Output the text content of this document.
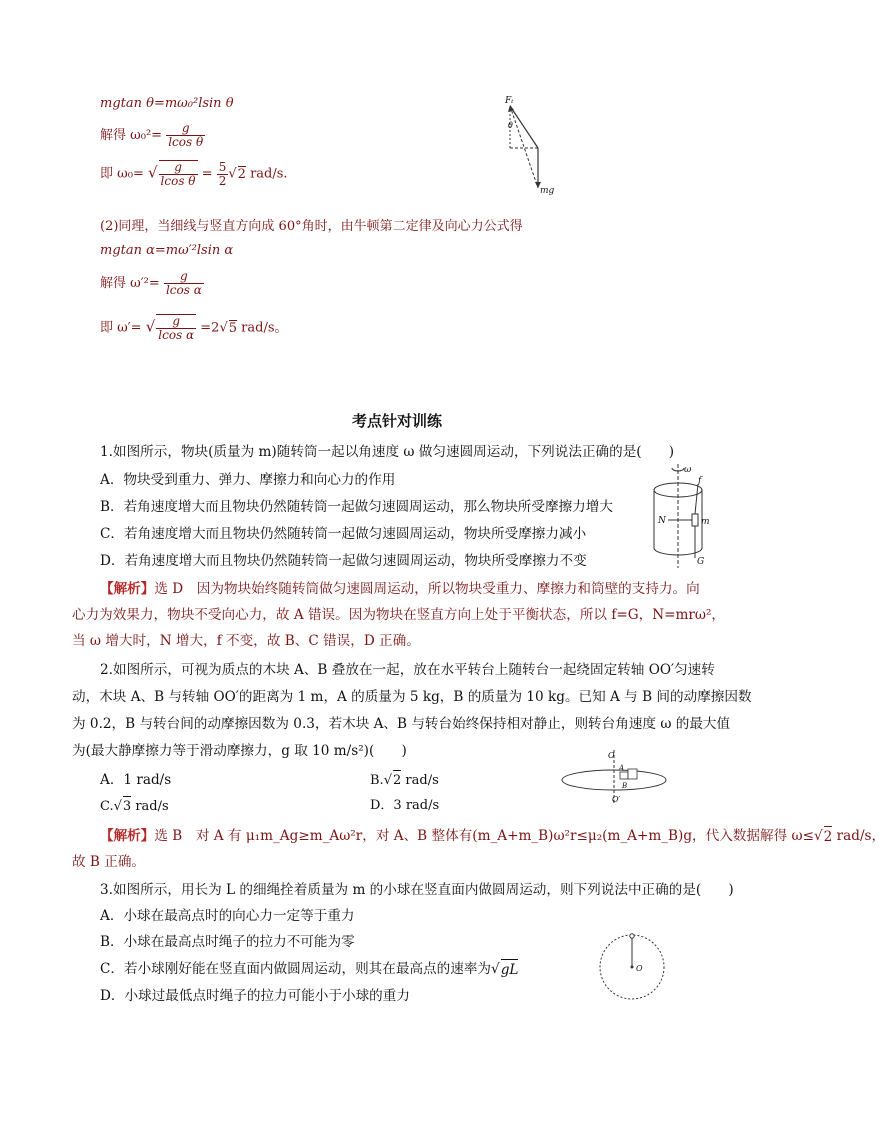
mgtan θ=mω₀²lsin θ
解得 $\omega_0^2= \frac{g}{\text{lcos θ}}$
即 ω₀= √ $\frac{g}{\text{lcos θ}} = \frac{5}{2} √2$ rad/s.
(2)同理，当细线与竖直方向成 60°角时，由牛顿第二定律及向心力公式得
mgtan α=mω′²lsin α
解得 $\omega'^2= \frac{g}{\text{lcos α}}$
即 ω′= √ $\frac{g}{\text{lcos α}} =2√5$ rad/s。
Fₜ
θ
mg
考点针对训练
1.如图所示，物块(质量为 m)随转筒一起以角速度 ω 做匀速圆周运动，下列说法正确的是(　　)
A．物块受到重力、弹力、摩擦力和向心力的作用
B．若角速度增大而且物块仍然随转筒一起做匀速圆周运动，那么物块所受摩擦力增大
C．若角速度增大而且物块仍然随转筒一起做匀速圆周运动，物块所受摩擦力减小
D．若角速度增大而且物块仍然随转筒一起做匀速圆周运动，物块所受摩擦力不变
【解析】选 D　因为物块始终随转筒做匀速圆周运动，所以物块受重力、摩擦力和筒壁的支持力。向
心力为效果力，物块不受向心力，故 A 错误。因为物块在竖直方向上处于平衡状态，所以 f=G，N=mrω²，
当 ω 增大时，N 增大，f 不变，故 B、C 错误，D 正确。
ω
f
N	m
G
2.如图所示，可视为质点的木块 A、B 叠放在一起，放在水平转台上随转台一起绕固定转轴 OO′匀速转
动，木块 A、B 与转轴 OO′的距离为 1 m，A 的质量为 5 kg，B 的质量为 10 kg。已知 A 与 B 间的动摩擦因数
为 0.2，B 与转台间的动摩擦因数为 0.3，若木块 A、B 与转台始终保持相对静止，则转台角速度 ω 的最大值
为(最大静摩擦力等于滑动摩擦力，g 取 10 m/s²)(　　)
A．1 rad/s	B.√2 rad/s
C.√3 rad/s	D．3 rad/s
O
O′
A
B
【解析】选 B　对 A 有 μ₁m_Ag≥m_Aω²r，对 A、B 整体有(m_A+m_B)ω²r≤μ₂(m_A+m_B)g，代入数据解得 ω≤√2 rad/s，
故 B 正确。
3.如图所示，用长为 L 的细绳拴着质量为 m 的小球在竖直面内做圆周运动，则下列说法中正确的是(　　)
A．小球在最高点时的向心力一定等于重力
B．小球在最高点时绳子的拉力不可能为零
C．若小球刚好能在竖直面内做圆周运动，则其在最高点的速率为√gL
D．小球过最低点时绳子的拉力可能小于小球的重力
O
